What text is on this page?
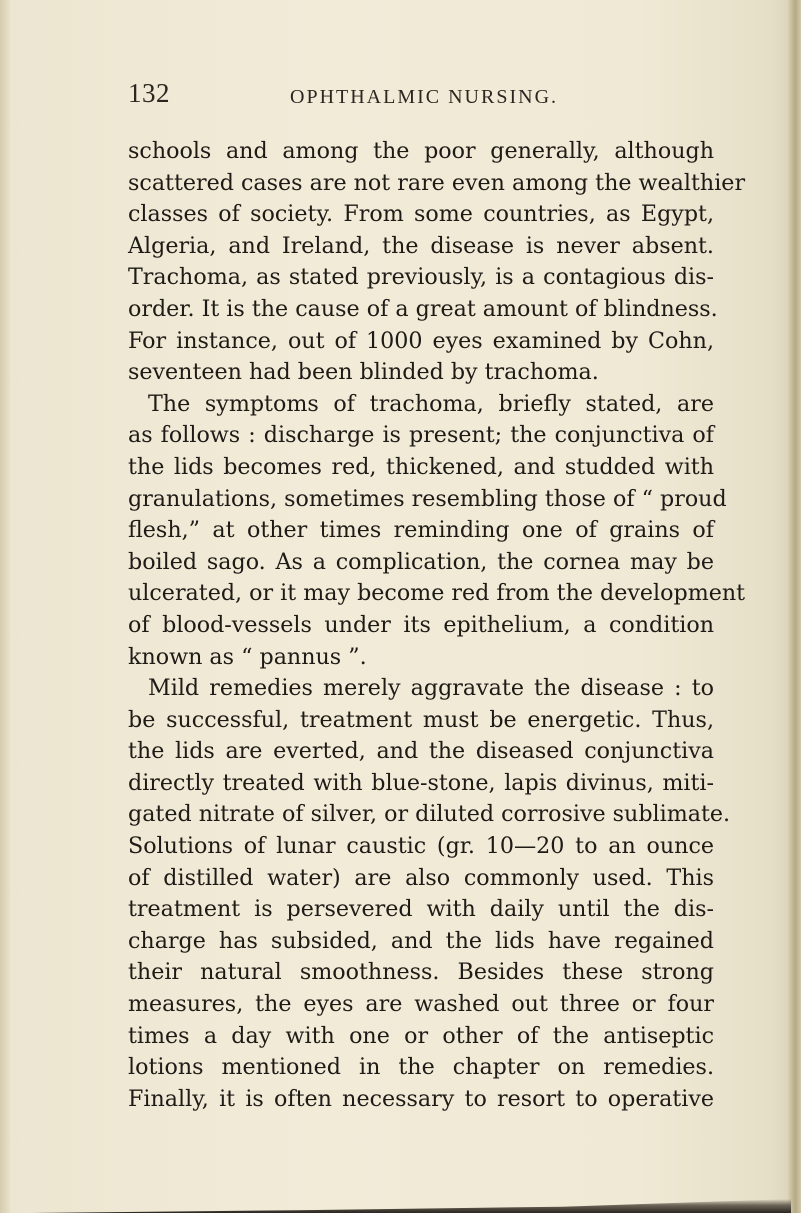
132	OPHTHALMIC NURSING.
schools and among the poor generally, although
scattered cases are not rare even among the wealthier
classes of society. From some countries, as Egypt,
Algeria, and Ireland, the disease is never absent.
Trachoma, as stated previously, is a contagious dis-
order. It is the cause of a great amount of blindness.
For instance, out of 1000 eyes examined by Cohn,
seventeen had been blinded by trachoma.
The symptoms of trachoma, briefly stated, are
as follows : discharge is present; the conjunctiva of
the lids becomes red, thickened, and studded with
granulations, sometimes resembling those of “ proud
flesh,” at other times reminding one of grains of
boiled sago. As a complication, the cornea may be
ulcerated, or it may become red from the development
of blood-vessels under its epithelium, a condition
known as “ pannus ”.
Mild remedies merely aggravate the disease : to
be successful, treatment must be energetic. Thus,
the lids are everted, and the diseased conjunctiva
directly treated with blue-stone, lapis divinus, miti-
gated nitrate of silver, or diluted corrosive sublimate.
Solutions of lunar caustic (gr. 10—20 to an ounce
of distilled water) are also commonly used. This
treatment is persevered with daily until the dis-
charge has subsided, and the lids have regained
their natural smoothness. Besides these strong
measures, the eyes are washed out three or four
times a day with one or other of the antiseptic
lotions mentioned in the chapter on remedies.
Finally, it is often necessary to resort to operative
